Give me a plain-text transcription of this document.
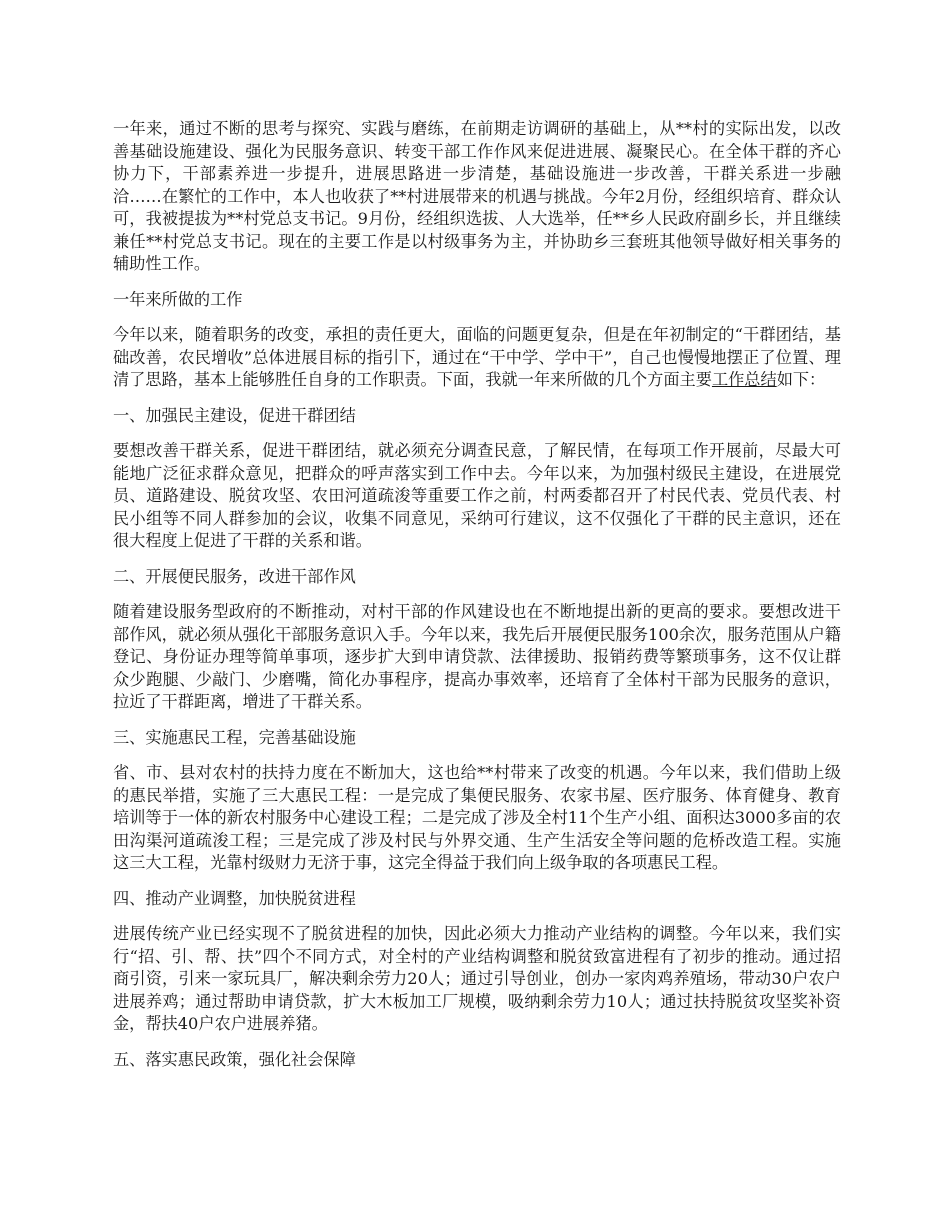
一年来，通过不断的思考与探究、实践与磨练，在前期走访调研的基础上，从**村的实际出发，以改善基础设施建设、强化为民服务意识、转变干部工作作风来促进进展、凝聚民心。在全体干群的齐心协力下，干部素养进一步提升，进展思路进一步清楚，基础设施进一步改善，干群关系进一步融洽……在繁忙的工作中，本人也收获了**村进展带来的机遇与挑战。今年2月份，经组织培育、群众认可，我被提拔为**村党总支书记。9月份，经组织选拔、人大选举，任**乡人民政府副乡长，并且继续兼任**村党总支书记。现在的主要工作是以村级事务为主，并协助乡三套班其他领导做好相关事务的辅助性工作。

一年来所做的工作

今年以来，随着职务的改变，承担的责任更大，面临的问题更复杂，但是在年初制定的“干群团结，基础改善，农民增收”总体进展目标的指引下，通过在“干中学、学中干”，自己也慢慢地摆正了位置、理清了思路，基本上能够胜任自身的工作职责。下面，我就一年来所做的几个方面主要工作总结如下：

一、加强民主建设，促进干群团结

要想改善干群关系，促进干群团结，就必须充分调查民意，了解民情，在每项工作开展前，尽最大可能地广泛征求群众意见，把群众的呼声落实到工作中去。今年以来，为加强村级民主建设，在进展党员、道路建设、脱贫攻坚、农田河道疏浚等重要工作之前，村两委都召开了村民代表、党员代表、村民小组等不同人群参加的会议，收集不同意见，采纳可行建议，这不仅强化了干群的民主意识，还在很大程度上促进了干群的关系和谐。

二、开展便民服务，改进干部作风

随着建设服务型政府的不断推动，对村干部的作风建设也在不断地提出新的更高的要求。要想改进干部作风，就必须从强化干部服务意识入手。今年以来，我先后开展便民服务100余次，服务范围从户籍登记、身份证办理等简单事项，逐步扩大到申请贷款、法律援助、报销药费等繁琐事务，这不仅让群众少跑腿、少敲门、少磨嘴，简化办事程序，提高办事效率，还培育了全体村干部为民服务的意识，拉近了干群距离，增进了干群关系。

三、实施惠民工程，完善基础设施

省、市、县对农村的扶持力度在不断加大，这也给**村带来了改变的机遇。今年以来，我们借助上级的惠民举措，实施了三大惠民工程：一是完成了集便民服务、农家书屋、医疗服务、体育健身、教育培训等于一体的新农村服务中心建设工程；二是完成了涉及全村11个生产小组、面积达3000多亩的农田沟渠河道疏浚工程；三是完成了涉及村民与外界交通、生产生活安全等问题的危桥改造工程。实施这三大工程，光靠村级财力无济于事，这完全得益于我们向上级争取的各项惠民工程。

四、推动产业调整，加快脱贫进程

进展传统产业已经实现不了脱贫进程的加快，因此必须大力推动产业结构的调整。今年以来，我们实行“招、引、帮、扶”四个不同方式，对全村的产业结构调整和脱贫致富进程有了初步的推动。通过招商引资，引来一家玩具厂，解决剩余劳力20人；通过引导创业，创办一家肉鸡养殖场，带动30户农户进展养鸡；通过帮助申请贷款，扩大木板加工厂规模，吸纳剩余劳力10人；通过扶持脱贫攻坚奖补资金，帮扶40户农户进展养猪。

五、落实惠民政策，强化社会保障
